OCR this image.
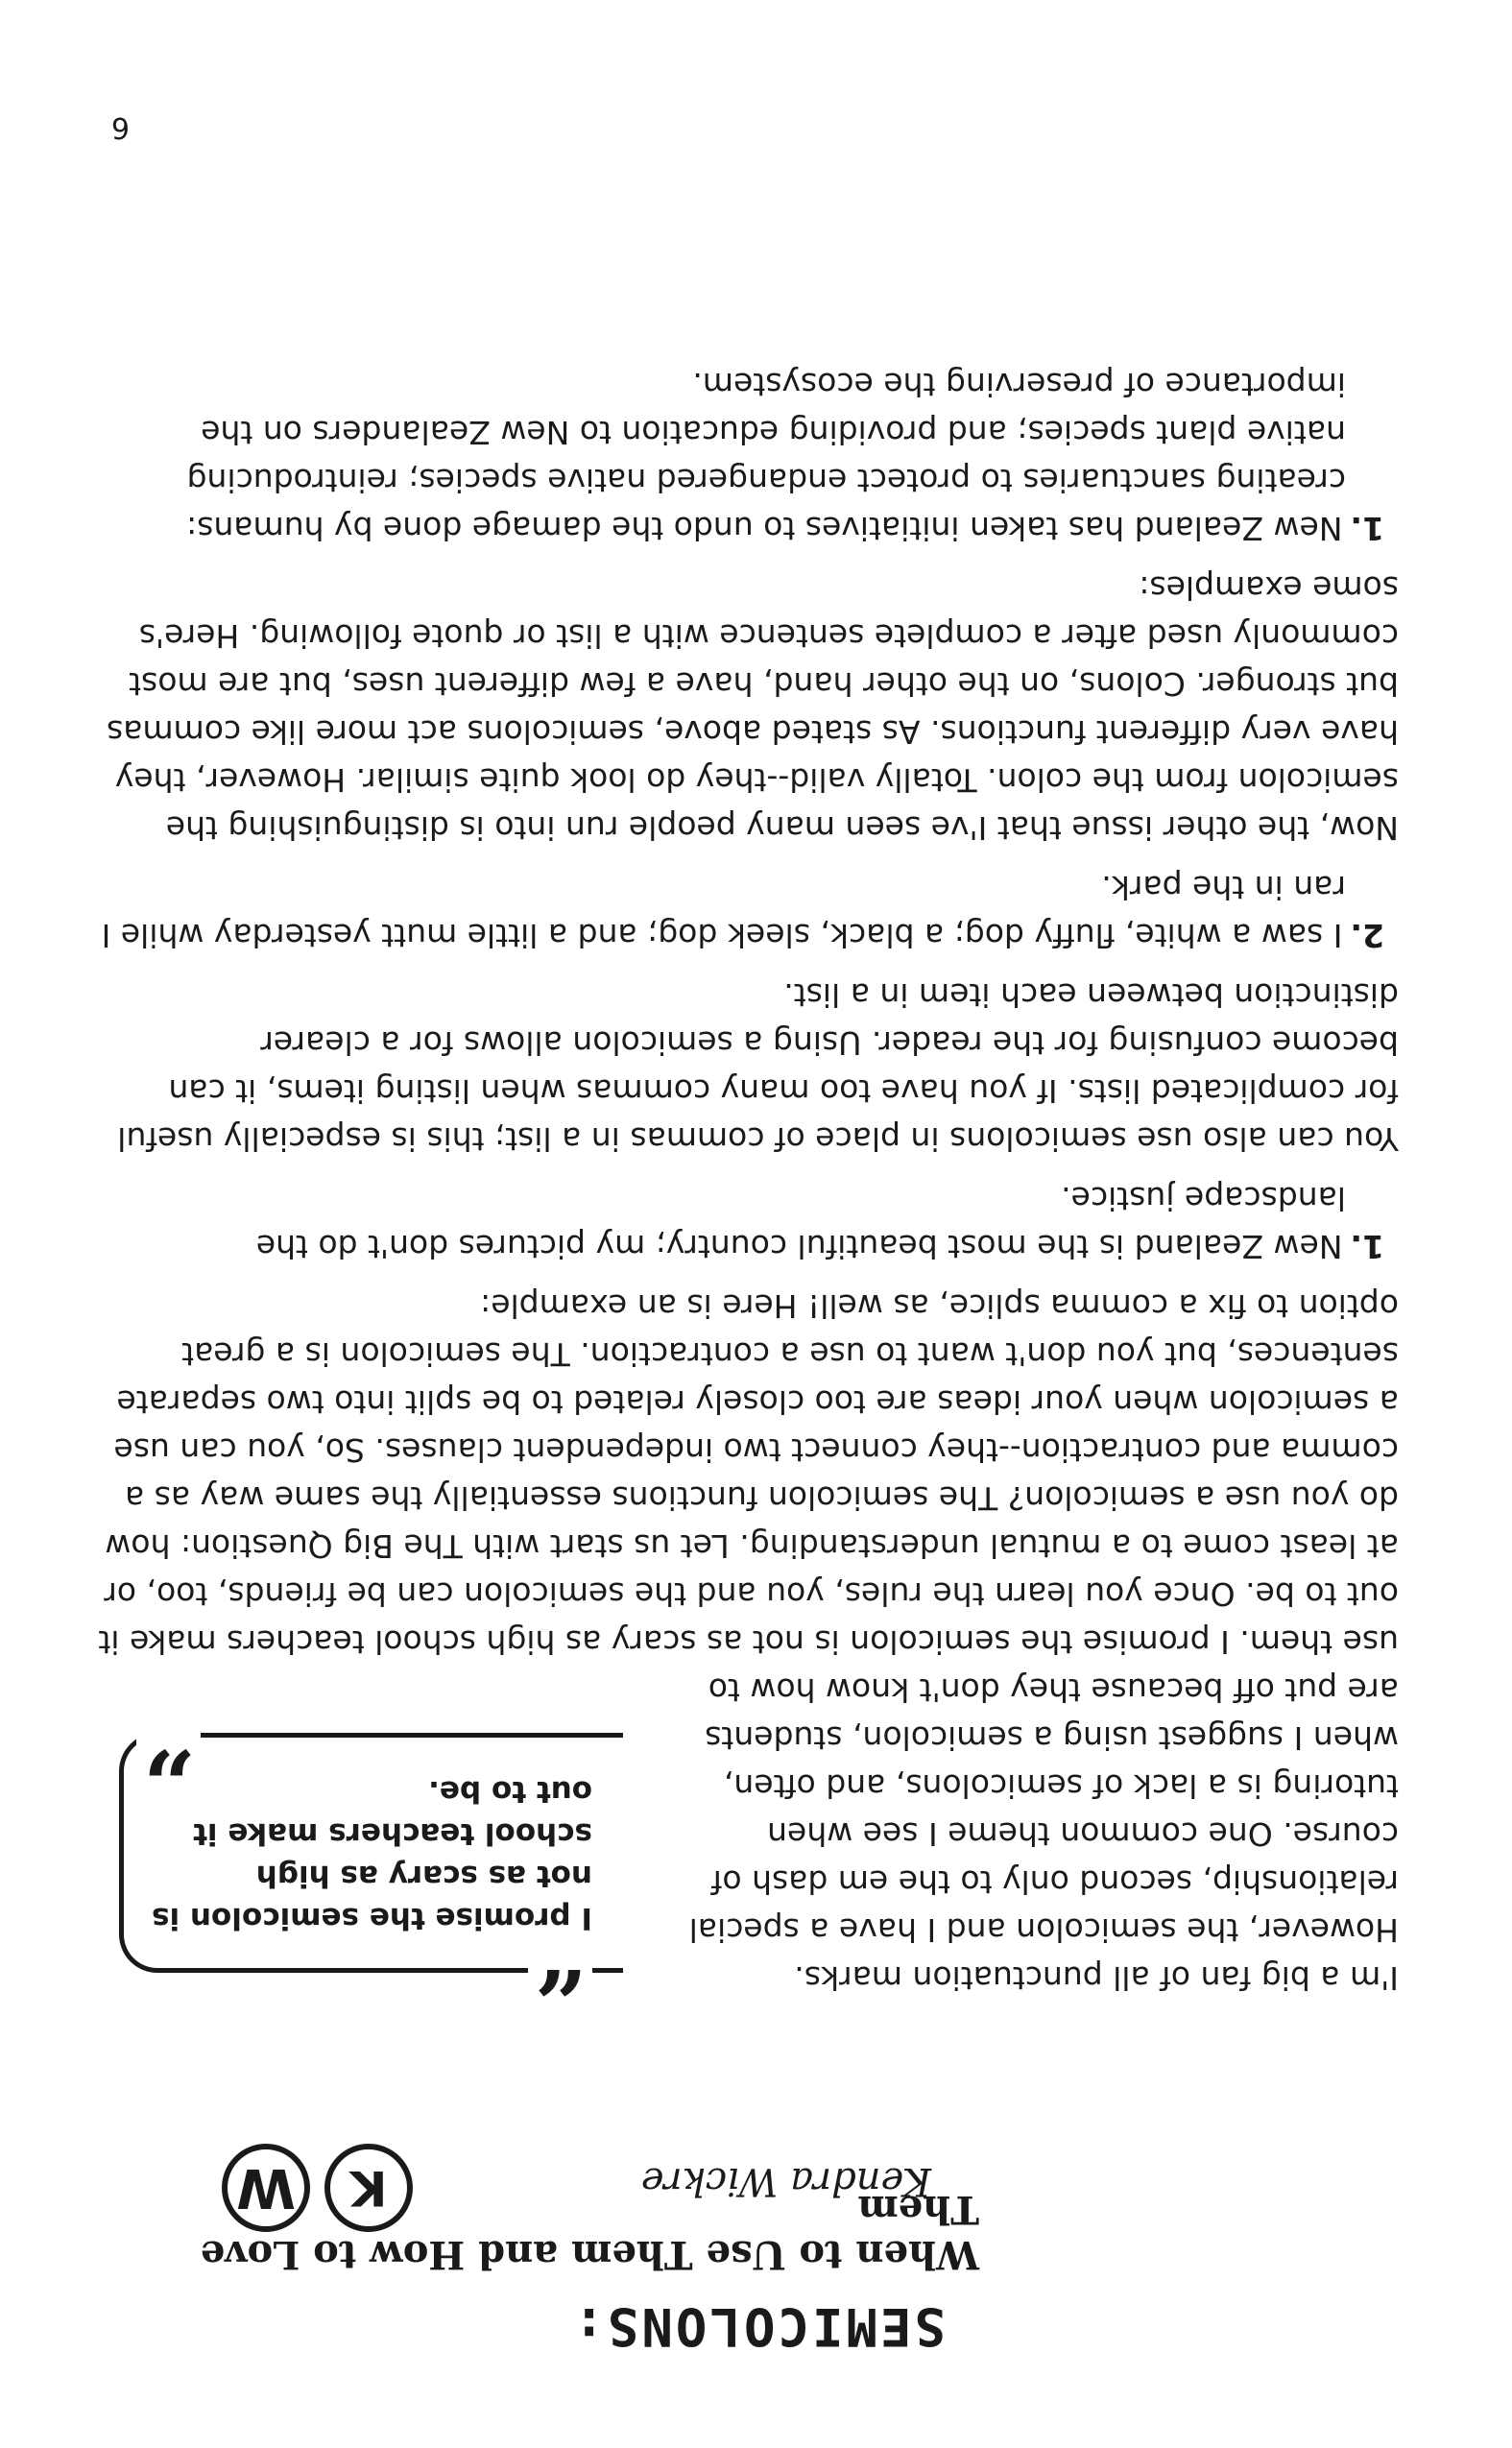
SEMICOLONS:
When to Use Them and How to Love Them
Kendra Wickre
K
W
“
”

I promise the semicolon is not as scary as high school teachers make it out to be.

I'm a big fan of all punctuation marks. However, the semicolon and I have a special relationship, second only to the em dash of course. One common theme I see when tutoring is a lack of semicolons, and often, when I suggest using a semicolon, students are put off because they don't know how to use them. I promise the semicolon is not as scary as high school teachers make it out to be. Once you learn the rules, you and the semicolon can be friends, too, or at least come to a mutual understanding. Let us start with The Big Question: how do you use a semicolon? The semicolon functions essentially the same way as a comma and contraction--they connect two independent clauses. So, you can use a semicolon when your ideas are too closely related to be split into two separate sentences, but you don't want to use a contraction. The semicolon is a great option to fix a comma splice, as well! Here is an example:

1.New Zealand is the most beautiful country; my pictures don't do the landscape justice.

You can also use semicolons in place of commas in a list; this is especially useful for complicated lists. If you have too many commas when listing items, it can become confusing for the reader. Using a semicolon allows for a clearer distinction between each item in a list.

2.I saw a white, fluffy dog; a black, sleek dog; and a little mutt yesterday while I ran in the park.

Now, the other issue that I've seen many people run into is distinguishing the semicolon from the colon. Totally valid--they do look quite similar. However, they have very different functions. As stated above, semicolons act more like commas but stronger. Colons, on the other hand, have a few different uses, but are most commonly used after a complete sentence with a list or quote following. Here's some examples:

1.New Zealand has taken initiatives to undo the damage done by humans: creating sanctuaries to protect endangered native species; reintroducing native plant species; and providing education to New Zealanders on the importance of preserving the ecosystem.

6
